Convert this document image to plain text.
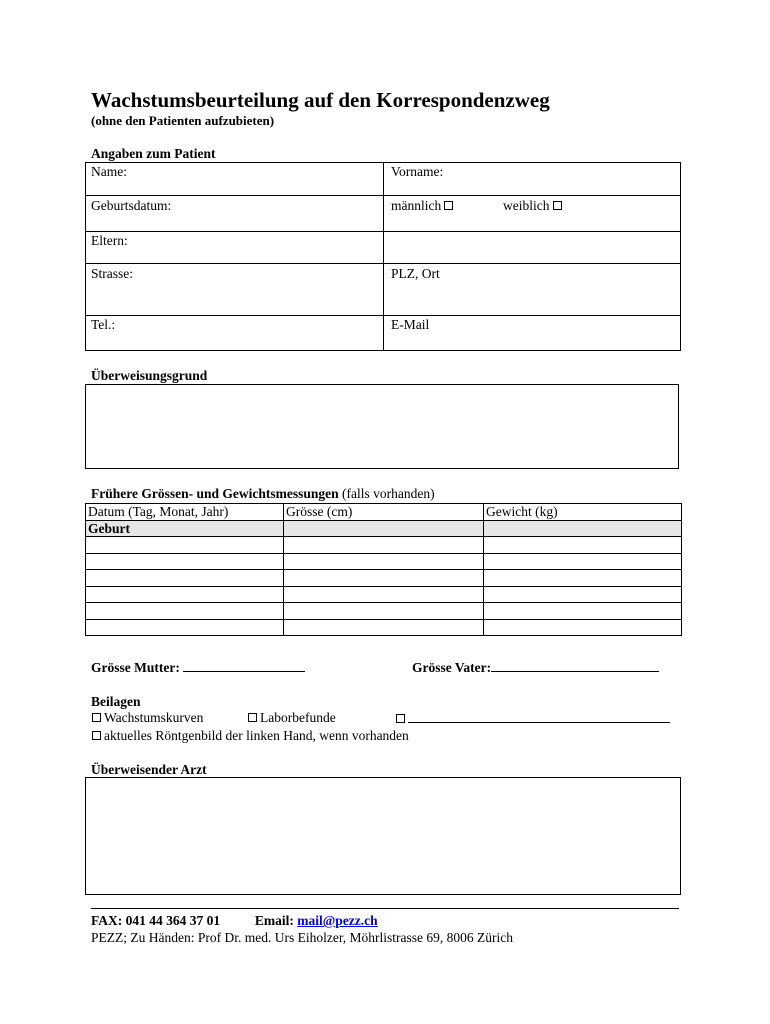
Wachstumsbeurteilung auf den Korrespondenzweg
(ohne den Patienten aufzubieten)
Angaben zum Patient
Name:	Vorname:
Geburtsdatum:	männlich	weiblich
Eltern:
Strasse:	PLZ, Ort
Tel.:	E-Mail
Überweisungsgrund
Frühere Grössen- und Gewichtsmessungen (falls vorhanden)
Datum (Tag, Monat, Jahr)	Grösse (cm)	Gewicht (kg)
Geburt		

Grösse Mutter:	Grösse Vater:
Beilagen
Wachstumskurven	Laborbefunde
aktuelles Röntgenbild der linken Hand, wenn vorhanden
Überweisender Arzt
FAX: 041 44 364 37 01	Email: mail@pezz.ch
PEZZ; Zu Händen: Prof Dr. med. Urs Eiholzer, Möhrlistrasse 69, 8006 Zürich
